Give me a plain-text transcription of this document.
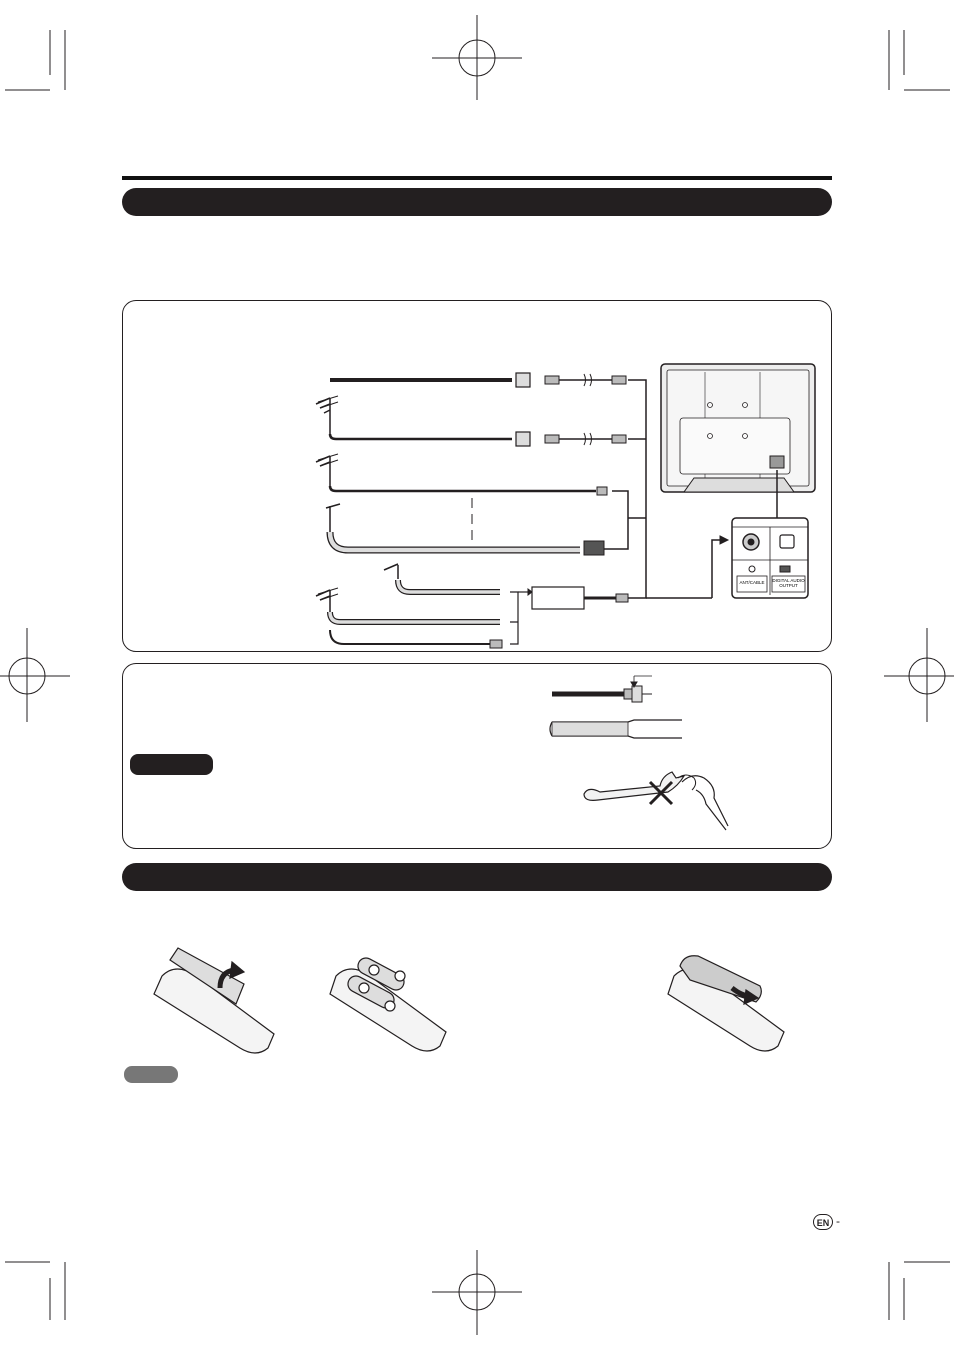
ANT/CABLE	DIGITAL AUDIO OUTPUT
EN -
